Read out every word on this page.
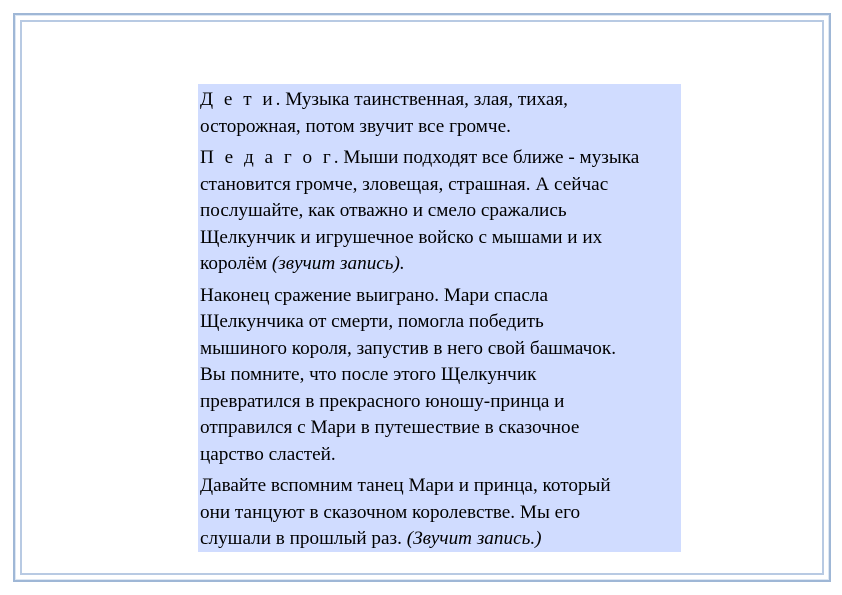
Д е т и. Музыка таинственная, злая, тихая,
осторожная, потом звучит все громче.

П е д а г о г. Мыши подходят все ближе - музыка
становится громче, зловещая, страшная. А сейчас
послушайте, как отважно и смело сражались
Щелкунчик и игрушечное войско с мышами и их
королём (звучит запись).

Наконец сражение выиграно. Мари спасла
Щелкунчика от смерти, помогла победить
мышиного короля, запустив в него свой башмачок.
Вы помните, что после этого Щелкунчик
превратился в прекрасного юношу-принца и
отправился с Мари в путешествие в сказочное
царство сластей.

Давайте вспомним танец Мари и принца, который
они танцуют в сказочном королевстве. Мы его
слушали в прошлый раз. (Звучит запись.)
